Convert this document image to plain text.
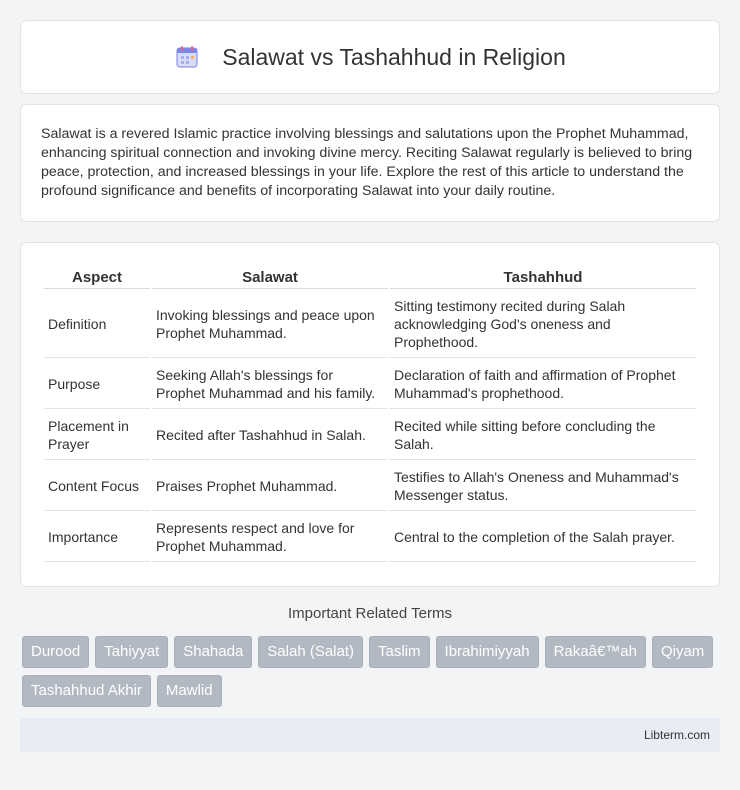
Salawat vs Tashahhud in Religion

Salawat is a revered Islamic practice involving blessings and salutations upon the Prophet Muhammad, enhancing spiritual connection and invoking divine mercy. Reciting Salawat regularly is believed to bring peace, protection, and increased blessings in your life. Explore the rest of this article to understand the profound significance and benefits of incorporating Salawat into your daily routine.

Aspect	Salawat	Tashahhud
Definition	Invoking blessings and peace upon Prophet Muhammad.	Sitting testimony recited during Salah acknowledging God's oneness and Prophethood.
Purpose	Seeking Allah's blessings for Prophet Muhammad and his family.	Declaration of faith and affirmation of Prophet Muhammad's prophethood.
Placement in Prayer	Recited after Tashahhud in Salah.	Recited while sitting before concluding the Salah.
Content Focus	Praises Prophet Muhammad.	Testifies to Allah's Oneness and Muhammad's Messenger status.
Importance	Represents respect and love for Prophet Muhammad.	Central to the completion of the Salah prayer.
Important Related Terms
Durood	Tahiyyat	Shahada	Salah (Salat)	Taslim	Ibrahimiyyah	Rakaâ€™ah	Qiyam
Tashahhud Akhir	Mawlid
Libterm.com
